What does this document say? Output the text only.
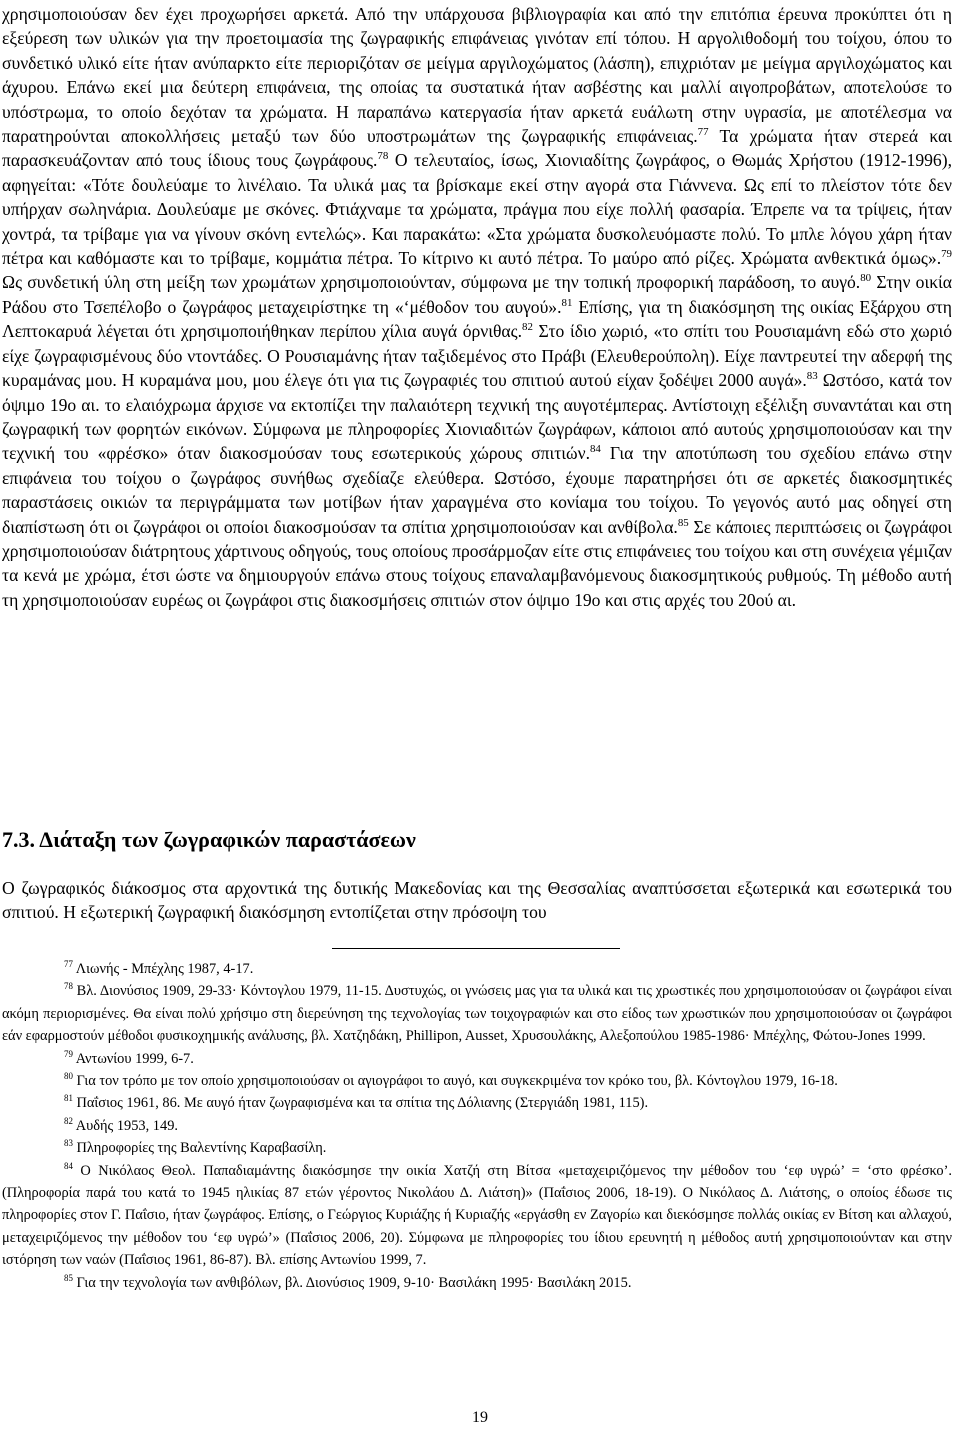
χρησιμοποιούσαν δεν έχει προχωρήσει αρκετά. Από την υπάρχουσα βιβλιογραφία και από την επιτόπια έρευνα προκύπτει ότι η εξεύρεση των υλικών για την προετοιμασία της ζωγραφικής επιφάνειας γινόταν επί τόπου. Η αργολιθοδομή του τοίχου, όπου το συνδετικό υλικό είτε ήταν ανύπαρκτο είτε περιοριζόταν σε μείγμα αργιλοχώματος (λάσπη), επιχριόταν με μείγμα αργιλοχώματος και άχυρου. Επάνω εκεί μια δεύτερη επιφάνεια, της οποίας τα συστατικά ήταν ασβέστης και μαλλί αιγοπροβάτων, αποτελούσε το υπόστρωμα, το οποίο δεχόταν τα χρώματα. Η παραπάνω κατεργασία ήταν αρκετά ευάλωτη στην υγρασία, με αποτέλεσμα να παρατηρούνται αποκολλήσεις μεταξύ των δύο υποστρωμάτων της ζωγραφικής επιφάνειας.$^{77}$ Τα χρώματα ήταν στερεά και παρασκευάζονταν από τους ίδιους τους ζωγράφους.$^{78}$ Ο τελευταίος, ίσως, Χιονιαδίτης ζωγράφος, ο Θωμάς Χρήστου (1912-1996), αφηγείται: «Τότε δουλεύαμε το λινέλαιο. Τα υλικά μας τα βρίσκαμε εκεί στην αγορά στα Γιάννενα. Ως επί το πλείστον τότε δεν υπήρχαν σωληνάρια. Δουλεύαμε με σκόνες. Φτιάχναμε τα χρώματα, πράγμα που είχε πολλή φασαρία. Έπρεπε να τα τρίψεις, ήταν χοντρά, τα τρίβαμε για να γίνουν σκόνη εντελώς». Και παρακάτω: «Στα χρώματα δυσκολευόμαστε πολύ. Το μπλε λόγου χάρη ήταν πέτρα και καθόμαστε και το τρίβαμε, κομμάτια πέτρα. Το κίτρινο κι αυτό πέτρα. Το μαύρο από ρίζες. Χρώματα ανθεκτικά όμως».$^{79}$ Ως συνδετική ύλη στη μείξη των χρωμάτων χρησιμοποιούνταν, σύμφωνα με την τοπική προφορική παράδοση, το αυγό.$^{80}$ Στην οικία Ράδου στο Τσεπέλοβο ο ζωγράφος μεταχειρίστηκε τη «‘μέθοδον του αυγού».$^{81}$ Επίσης, για τη διακόσμηση της οικίας Εξάρχου στη Λεπτοκαρυά λέγεται ότι χρησιμοποιήθηκαν περίπου χίλια αυγά όρνιθας.$^{82}$ Στο ίδιο χωριό, «το σπίτι του Ρουσιαμάνη εδώ στο χωριό είχε ζωγραφισμένους δύο ντοντάδες. Ο Ρουσιαμάνης ήταν ταξιδεμένος στο Πράβι (Ελευθερούπολη). Είχε παντρευτεί την αδερφή της κυραμάνας μου. Η κυραμάνα μου, μου έλεγε ότι για τις ζωγραφιές του σπιτιού αυτού είχαν ξοδέψει 2000 αυγά».$^{83}$ Ωστόσο, κατά τον όψιμο 19ο αι. το ελαιόχρωμα άρχισε να εκτοπίζει την παλαιότερη τεχνική της αυγοτέμπερας. Αντίστοιχη εξέλιξη συναντάται και στη ζωγραφική των φορητών εικόνων. Σύμφωνα με πληροφορίες Χιονιαδιτών ζωγράφων, κάποιοι από αυτούς χρησιμοποιούσαν και την τεχνική του «φρέσκο» όταν διακοσμούσαν τους εσωτερικούς χώρους σπιτιών.$^{84}$ Για την αποτύπωση του σχεδίου επάνω στην επιφάνεια του τοίχου ο ζωγράφος συνήθως σχεδίαζε ελεύθερα. Ωστόσο, έχουμε παρατηρήσει ότι σε αρκετές διακοσμητικές παραστάσεις οικιών τα περιγράμματα των μοτίβων ήταν χαραγμένα στο κονίαμα του τοίχου. Το γεγονός αυτό μας οδηγεί στη διαπίστωση ότι οι ζωγράφοι οι οποίοι διακοσμούσαν τα σπίτια χρησιμοποιούσαν και ανθίβολα.$^{85}$ Σε κάποιες περιπτώσεις οι ζωγράφοι χρησιμοποιούσαν διάτρητους χάρτινους οδηγούς, τους οποίους προσάρμοζαν είτε στις επιφάνειες του τοίχου και στη συνέχεια γέμιζαν τα κενά με χρώμα, έτσι ώστε να δημιουργούν επάνω στους τοίχους επαναλαμβανόμενους διακοσμητικούς ρυθμούς. Τη μέθοδο αυτή τη χρησιμοποιούσαν ευρέως οι ζωγράφοι στις διακοσμήσεις σπιτιών στον όψιμο 19ο και στις αρχές του 20ού αι.

7.3. Διάταξη των ζωγραφικών παραστάσεων

Ο ζωγραφικός διάκοσμος στα αρχοντικά της δυτικής Μακεδονίας και της Θεσσαλίας αναπτύσσεται εξωτερικά και εσωτερικά του σπιτιού. Η εξωτερική ζωγραφική διακόσμηση εντοπίζεται στην πρόσοψη του

$^{77}$ Λιωνής - Μπέχλης 1987, 4-17.

$^{78}$ Βλ. Διονύσιος 1909, 29-33· Κόντογλου 1979, 11-15. Δυστυχώς, οι γνώσεις μας για τα υλικά και τις χρωστικές που χρησιμοποιούσαν οι ζωγράφοι είναι ακόμη περιορισμένες. Θα είναι πολύ χρήσιμο στη διερεύνηση της τεχνολογίας των τοιχογραφιών και στο είδος των χρωστικών που χρησιμοποιούσαν οι ζωγράφοι εάν εφαρμοστούν μέθοδοι φυσικοχημικής ανάλυσης, βλ. Χατζηδάκη, Phillipon, Ausset, Χρυσουλάκης, Αλεξοπούλου 1985-1986· Μπέχλης, Φώτου-Jones 1999.

$^{79}$ Αντωνίου 1999, 6-7.

$^{80}$ Για τον τρόπο με τον οποίο χρησιμοποιούσαν οι αγιογράφοι το αυγό, και συγκεκριμένα τον κρόκο του, βλ. Κόντογλου 1979, 16-18.

$^{81}$ Παΐσιος 1961, 86. Με αυγό ήταν ζωγραφισμένα και τα σπίτια της Δόλιανης (Στεργιάδη 1981, 115).

$^{82}$ Αυδής 1953, 149.

$^{83}$ Πληροφορίες της Βαλεντίνης Καραβασίλη.

$^{84}$ Ο Νικόλαος Θεολ. Παπαδιαμάντης διακόσμησε την οικία Χατζή στη Βίτσα «μεταχειριζόμενος την μέθοδον του ‘εφ υγρώ’ = ‘στο φρέσκο’. (Πληροφορία παρά του κατά το 1945 ηλικίας 87 ετών γέροντος Νικολάου Δ. Λιάτση)» (Παΐσιος 2006, 18-19). Ο Νικόλαος Δ. Λιάτσης, ο οποίος έδωσε τις πληροφορίες στον Γ. Παΐσιο, ήταν ζωγράφος. Επίσης, ο Γεώργιος Κυριάζης ή Κυριαζής «εργάσθη εν Ζαγορίω και διεκόσμησε πολλάς οικίας εν Βίτση και αλλαχού, μεταχειριζόμενος την μέθοδον του ‘εφ υγρώ’» (Παΐσιος 2006, 20). Σύμφωνα με πληροφορίες του ίδιου ερευνητή η μέθοδος αυτή χρησιμοποιούνταν και στην ιστόρηση των ναών (Παΐσιος 1961, 86-87). Βλ. επίσης Αντωνίου 1999, 7.

$^{85}$ Για την τεχνολογία των ανθιβόλων, βλ. Διονύσιος 1909, 9-10· Βασιλάκη 1995· Βασιλάκη 2015.

19
